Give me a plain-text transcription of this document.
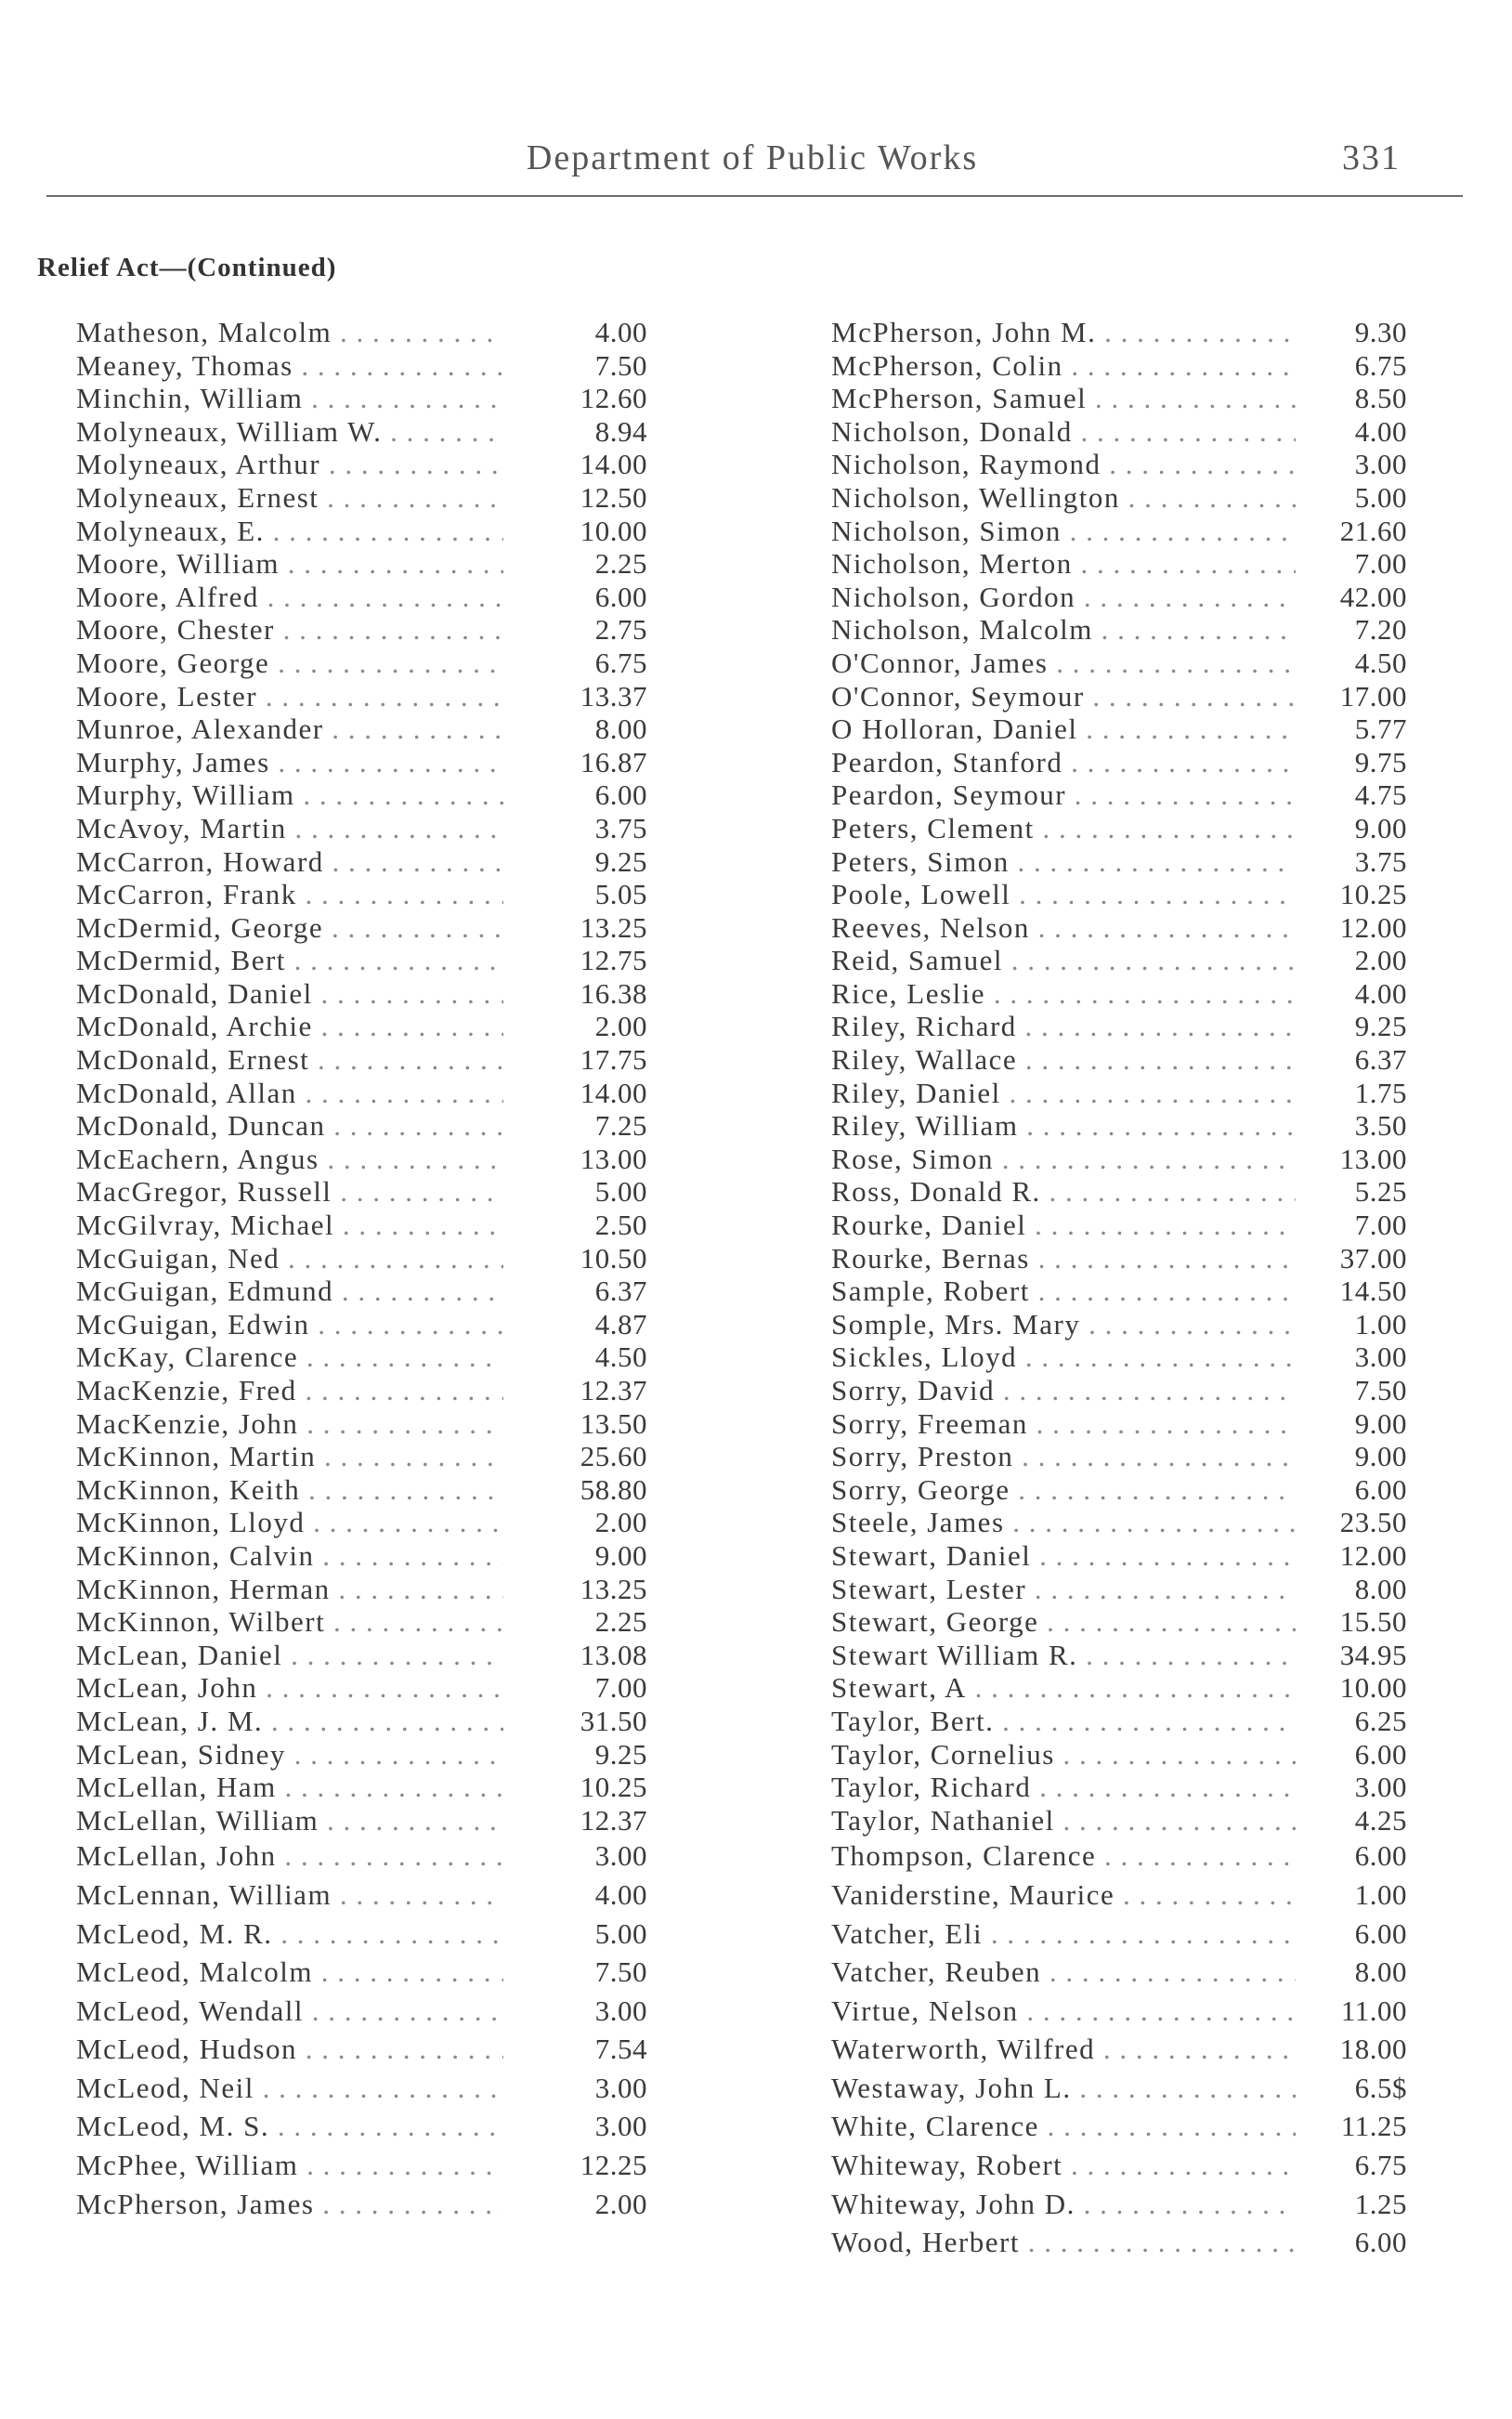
Department of Public Works	331
Relief Act—(Continued)
Matheson, Malcolm . . .	4.00
Meaney, Thomas . . .	7.50
Minchin, William . . .	12.60
Molyneaux, William W. . . .	8.94
Molyneaux, Arthur . . .	14.00
Molyneaux, Ernest . . .	12.50
Molyneaux, E. . . .	10.00
Moore, William . . .	2.25
Moore, Alfred . . .	6.00
Moore, Chester . . .	2.75
Moore, George . . .	6.75
Moore, Lester . . .	13.37
Munroe, Alexander . . .	8.00
Murphy, James . . .	16.87
Murphy, William . . .	6.00
McAvoy, Martin . . .	3.75
McCarron, Howard . . .	9.25
McCarron, Frank . . .	5.05
McDermid, George . . .	13.25
McDermid, Bert . . .	12.75
McDonald, Daniel . . .	16.38
McDonald, Archie . . .	2.00
McDonald, Ernest . . .	17.75
McDonald, Allan . . .	14.00
McDonald, Duncan . . .	7.25
McEachern, Angus . . .	13.00
MacGregor, Russell . . .	5.00
McGilvray, Michael . . .	2.50
McGuigan, Ned . . .	10.50
McGuigan, Edmund . . .	6.37
McGuigan, Edwin . . .	4.87
McKay, Clarence . . .	4.50
MacKenzie, Fred . . .	12.37
MacKenzie, John . . .	13.50
McKinnon, Martin . . .	25.60
McKinnon, Keith . . .	58.80
McKinnon, Lloyd . . .	2.00
McKinnon, Calvin . . .	9.00
McKinnon, Herman . . .	13.25
McKinnon, Wilbert . . .	2.25
McLean, Daniel . . .	13.08
McLean, John . . .	7.00
McLean, J. M. . . .	31.50
McLean, Sidney . . .	9.25
McLellan, Ham . . .	10.25
McLellan, William . . .	12.37
McLellan, John . . .	3.00
McLennan, William . . .	4.00
McLeod, M. R. . . .	5.00
McLeod, Malcolm . . .	7.50
McLeod, Wendall . . .	3.00
McLeod, Hudson . . .	7.54
McLeod, Neil . . .	3.00
McLeod, M. S. . . .	3.00
McPhee, William . . .	12.25
McPherson, James . . .	2.00
McPherson, John M. . . .	9.30
McPherson, Colin . . .	6.75
McPherson, Samuel . . .	8.50
Nicholson, Donald . . .	4.00
Nicholson, Raymond . . .	3.00
Nicholson, Wellington . . .	5.00
Nicholson, Simon . . .	21.60
Nicholson, Merton . . .	7.00
Nicholson, Gordon . . .	42.00
Nicholson, Malcolm . . .	7.20
O'Connor, James . . .	4.50
O'Connor, Seymour . . .	17.00
O Holloran, Daniel . . .	5.77
Peardon, Stanford . . .	9.75
Peardon, Seymour . . .	4.75
Peters, Clement . . .	9.00
Peters, Simon . . .	3.75
Poole, Lowell . . .	10.25
Reeves, Nelson . . .	12.00
Reid, Samuel . . .	2.00
Rice, Leslie . . .	4.00
Riley, Richard . . .	9.25
Riley, Wallace . . .	6.37
Riley, Daniel . . .	1.75
Riley, William . . .	3.50
Rose, Simon . . .	13.00
Ross, Donald R. . . .	5.25
Rourke, Daniel . . .	7.00
Rourke, Bernas . . .	37.00
Sample, Robert . . .	14.50
Somple, Mrs. Mary . . .	1.00
Sickles, Lloyd . . .	3.00
Sorry, David . . .	7.50
Sorry, Freeman . . .	9.00
Sorry, Preston . . .	9.00
Sorry, George . . .	6.00
Steele, James . . .	23.50
Stewart, Daniel . . .	12.00
Stewart, Lester . . .	8.00
Stewart, George . . .	15.50
Stewart William R. . . .	34.95
Stewart, A . . .	10.00
Taylor, Bert. . . .	6.25
Taylor, Cornelius . . .	6.00
Taylor, Richard . . .	3.00
Taylor, Nathaniel . . .	4.25
Thompson, Clarence . . .	6.00
Vaniderstine, Maurice . . .	1.00
Vatcher, Eli . . .	6.00
Vatcher, Reuben . . .	8.00
Virtue, Nelson . . .	11.00
Waterworth, Wilfred . . .	18.00
Westaway, John L. . . .	6.5$
White, Clarence . . .	11.25
Whiteway, Robert . . .	6.75
Whiteway, John D. . . .	1.25
Wood, Herbert . . .	6.00
